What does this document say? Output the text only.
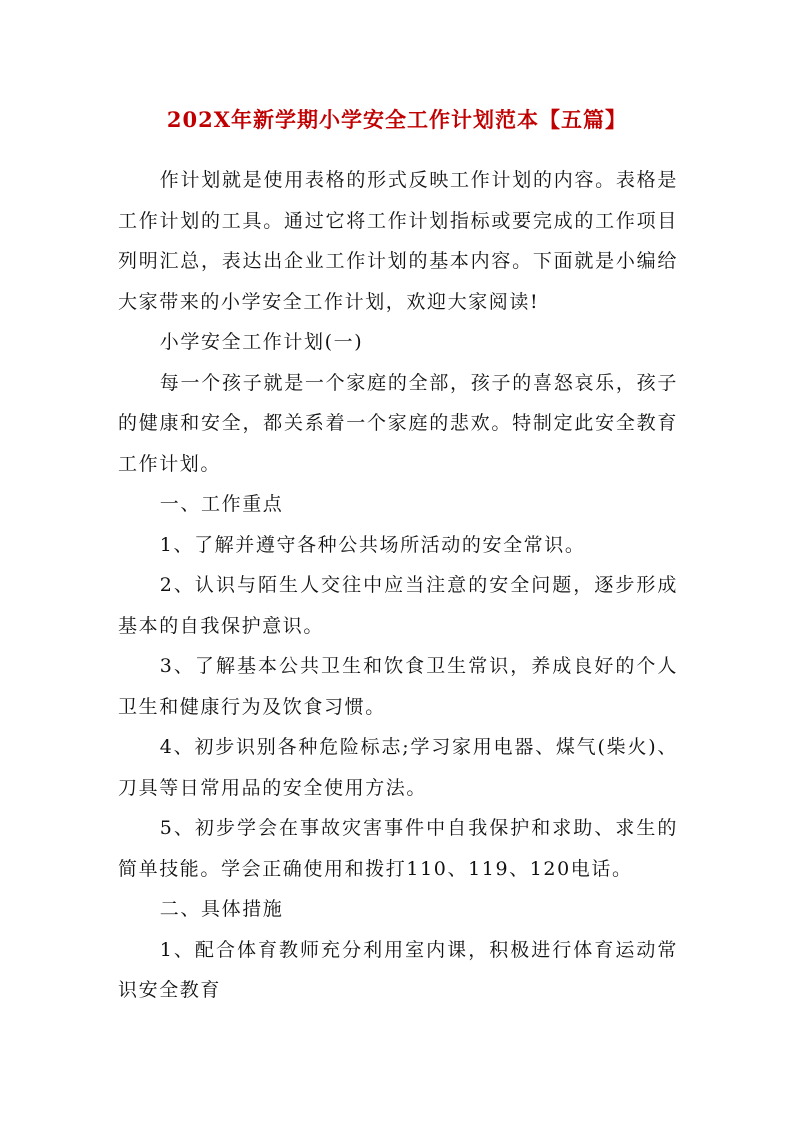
202X年新学期小学安全工作计划范本【五篇】

作计划就是使用表格的形式反映工作计划的内容。表格是工作计划的工具。通过它将工作计划指标或要完成的工作项目列明汇总，表达出企业工作计划的基本内容。下面就是小编给大家带来的小学安全工作计划，欢迎大家阅读!

小学安全工作计划(一)

每一个孩子就是一个家庭的全部，孩子的喜怒哀乐，孩子的健康和安全，都关系着一个家庭的悲欢。特制定此安全教育工作计划。

一、工作重点

1、了解并遵守各种公共场所活动的安全常识。

2、认识与陌生人交往中应当注意的安全问题，逐步形成基本的自我保护意识。

3、了解基本公共卫生和饮食卫生常识，养成良好的个人卫生和健康行为及饮食习惯。

4、初步识别各种危险标志;学习家用电器、煤气(柴火)、刀具等日常用品的安全使用方法。

5、初步学会在事故灾害事件中自我保护和求助、求生的简单技能。学会正确使用和拨打110、119、120电话。

二、具体措施

1、配合体育教师充分利用室内课，积极进行体育运动常识安全教育
